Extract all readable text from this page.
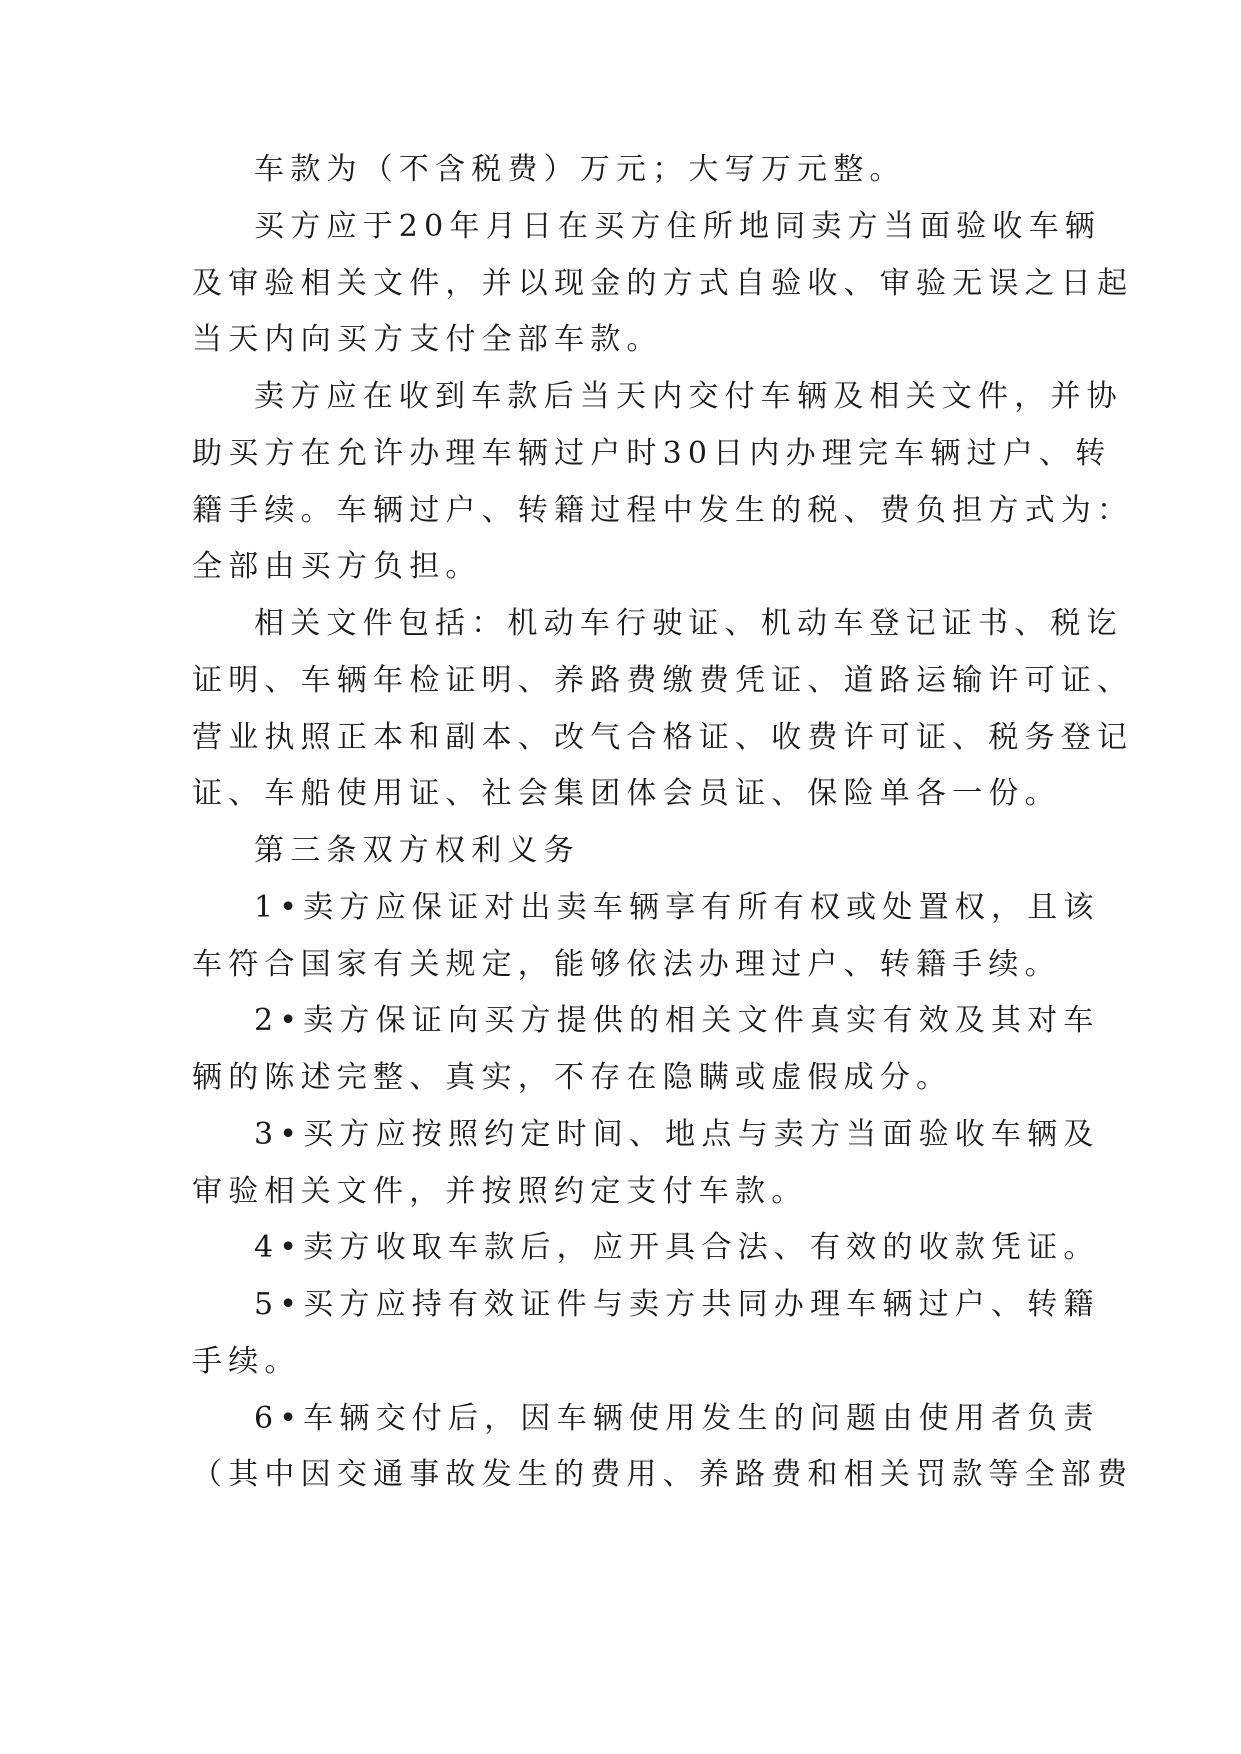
车款为（不含税费）万元；大写万元整。
买方应于20年月日在买方住所地同卖方当面验收车辆
及审验相关文件，并以现金的方式自验收、审验无误之日起
当天内向买方支付全部车款。
卖方应在收到车款后当天内交付车辆及相关文件，并协
助买方在允许办理车辆过户时30日内办理完车辆过户、转
籍手续。车辆过户、转籍过程中发生的税、费负担方式为：
全部由买方负担。
相关文件包括：机动车行驶证、机动车登记证书、税讫
证明、车辆年检证明、养路费缴费凭证、道路运输许可证、
营业执照正本和副本、改气合格证、收费许可证、税务登记
证、车船使用证、社会集团体会员证、保险单各一份。
第三条双方权利义务
1•卖方应保证对出卖车辆享有所有权或处置权，且该
车符合国家有关规定，能够依法办理过户、转籍手续。
2•卖方保证向买方提供的相关文件真实有效及其对车
辆的陈述完整、真实，不存在隐瞒或虚假成分。
3•买方应按照约定时间、地点与卖方当面验收车辆及
审验相关文件，并按照约定支付车款。
4•卖方收取车款后，应开具合法、有效的收款凭证。
5•买方应持有效证件与卖方共同办理车辆过户、转籍
手续。
6•车辆交付后，因车辆使用发生的问题由使用者负责
（其中因交通事故发生的费用、养路费和相关罚款等全部费
